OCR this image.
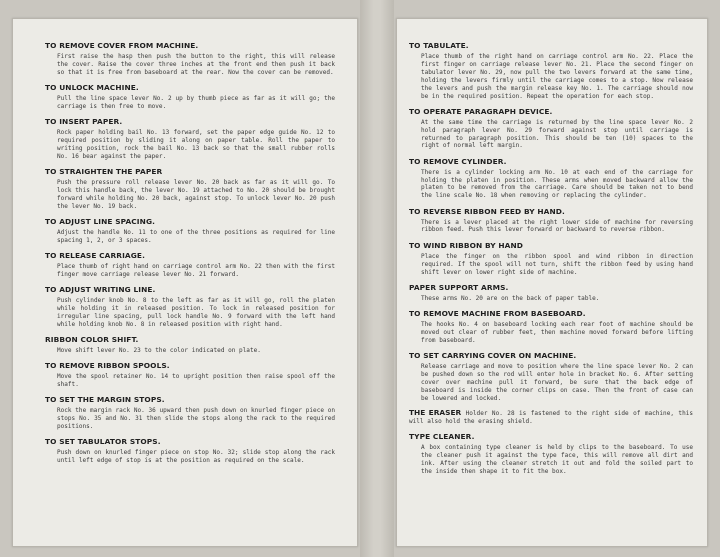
TO REMOVE COVER FROM MACHINE.
First raise the hasp then push the button to the right, this will release the cover. Raise the cover three inches at the front end then push it back so that it is free from baseboard at the rear. Now the cover can be removed.
TO UNLOCK MACHINE.
Pull the line space lever No. 2 up by thumb piece as far as it will go; the carriage is then free to move.
TO INSERT PAPER.
Rock paper holding bail No. 13 forward, set the paper edge guide No. 12 to required position by sliding it along on paper table. Roll the paper to writing position, rock the bail No. 13 back so that the small rubber rolls No. 16 bear against the paper.
TO STRAIGHTEN THE PAPER
Push the pressure roll release lever No. 20 back as far as it will go. To lock this handle back, the lever No. 19 attached to No. 20 should be brought forward while holding No. 20 back, against stop. To unlock lever No. 20 push the lever No. 19 back.
TO ADJUST LINE SPACING.
Adjust the handle No. 11 to one of the three positions as required for line spacing 1, 2, or 3 spaces.
TO RELEASE CARRIAGE.
Place thumb of right hand on carriage control arm No. 22 then with the first finger move carriage release lever No. 21 forward.
TO ADJUST WRITING LINE.
Push cylinder knob No. 8 to the left as far as it will go, roll the platen while holding it in released position. To lock in released position for irregular line spacing, pull lock handle No. 9 forward with the left hand while holding knob No. 8 in released position with right hand.
RIBBON COLOR SHIFT.
Move shift lever No. 23 to the color indicated on plate.
TO REMOVE RIBBON SPOOLS.
Move the spool retainer No. 14 to upright position then raise spool off the shaft.
TO SET THE MARGIN STOPS.
Rock the margin rack No. 36 upward then push down on knurled finger piece on stops No. 35 and No. 31 then slide the stops along the rack to the required positions.
TO SET TABULATOR STOPS.
Push down on knurled finger piece on stop No. 32; slide stop along the rack until left edge of stop is at the position as required on the scale.
TO TABULATE.
Place thumb of the right hand on carriage control arm No. 22. Place the first finger on carriage release lever No. 21. Place the second finger on tabulator lever No. 29, now pull the two levers forward at the same time, holding the levers firmly until the carriage comes to a stop. Now release the levers and push the margin release key No. 1. The carriage should now be in the required position. Repeat the operation for each stop.
TO OPERATE PARAGRAPH DEVICE.
At the same time the carriage is returned by the line space lever No. 2 hold paragraph lever No. 29 forward against stop until carriage is returned to paragraph position. This should be ten (10) spaces to the right of normal left margin.
TO REMOVE CYLINDER.
There is a cylinder locking arm No. 10 at each end of the carriage for holding the platen in position. These arms when moved backward allow the platen to be removed from the carriage. Care should be taken not to bend the line scale No. 18 when removing or replacing the cylinder.
TO REVERSE RIBBON FEED BY HAND.
There is a lever placed at the right lower side of machine for reversing ribbon feed. Push this lever forward or backward to reverse ribbon.
TO WIND RIBBON BY HAND
Place the finger on the ribbon spool and wind ribbon in direction required. If the spool will not turn, shift the ribbon feed by using hand shift lever on lower right side of machine.
PAPER SUPPORT ARMS.
These arms No. 20 are on the back of paper table.
TO REMOVE MACHINE FROM BASEBOARD.
The hooks No. 4 on baseboard locking each rear foot of machine should be moved out clear of rubber feet, then machine moved forward before lifting from baseboard.
TO SET CARRYING COVER ON MACHINE.
Release carriage and move to position where the line space lever No. 2 can be pushed down so the rod will enter hole in bracket No. 6. After setting cover over machine pull it forward, be sure that the back edge of baseboard is inside the corner clips on case. Then the front of case can be lowered and locked.
THE ERASER Holder No. 28 is fastened to the right side of machine, this will also hold the erasing shield.
TYPE CLEANER.
A box containing type cleaner is held by clips to the baseboard. To use the cleaner push it against the type face, this will remove all dirt and ink. After using the cleaner stretch it out and fold the soiled part to the inside then shape it to fit the box.
